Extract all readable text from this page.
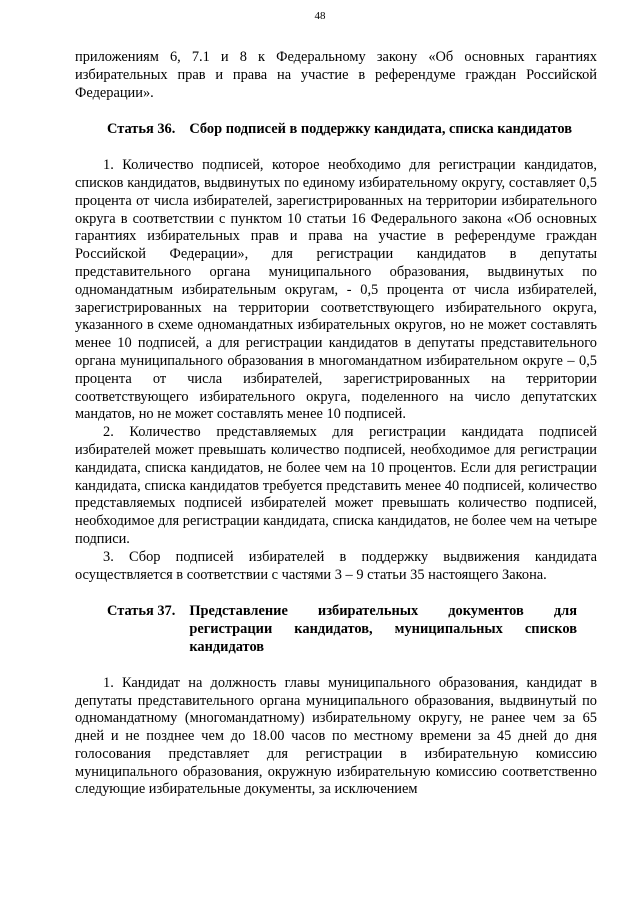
48

приложениям 6, 7.1 и 8 к Федеральному закону «Об основных гарантиях избирательных прав и права на участие в референдуме граждан Российской Федерации».

Статья 36. Сбор подписей в поддержку кандидата, списка кандидатов

1. Количество подписей, которое необходимо для регистрации кандидатов, списков кандидатов, выдвинутых по единому избирательному округу, составляет 0,5 процента от числа избирателей, зарегистрированных на территории избирательного округа в соответствии с пунктом 10 статьи 16 Федерального закона «Об основных гарантиях избирательных прав и права на участие в референдуме граждан Российской Федерации», для регистрации кандидатов в депутаты представительного органа муниципального образования, выдвинутых по одномандатным избирательным округам, - 0,5 процента от числа избирателей, зарегистрированных на территории соответствующего избирательного округа, указанного в схеме одномандатных избирательных округов, но не может составлять менее 10 подписей, а для регистрации кандидатов в депутаты представительного органа муниципального образования в многомандатном избирательном округе – 0,5 процента от числа избирателей, зарегистрированных на территории соответствующего избирательного округа, поделенного на число депутатских мандатов, но не может составлять менее 10 подписей.

2. Количество представляемых для регистрации кандидата подписей избирателей может превышать количество подписей, необходимое для регистрации кандидата, списка кандидатов, не более чем на 10 процентов. Если для регистрации кандидата, списка кандидатов требуется представить менее 40 подписей, количество представляемых подписей избирателей может превышать количество подписей, необходимое для регистрации кандидата, списка кандидатов, не более чем на четыре подписи.

3. Сбор подписей избирателей в поддержку выдвижения кандидата осуществляется в соответствии с частями 3 – 9 статьи 35 настоящего Закона.

Статья 37. Представление избирательных документов для регистрации кандидатов, муниципальных списков кандидатов

1. Кандидат на должность главы муниципального образования, кандидат в депутаты представительного органа муниципального образования, выдвинутый по одномандатному (многомандатному) избирательному округу, не ранее чем за 65 дней и не позднее чем до 18.00 часов по местному времени за 45 дней до дня голосования представляет для регистрации в избирательную комиссию муниципального образования, окружную избирательную комиссию соответственно следующие избирательные документы, за исключением
